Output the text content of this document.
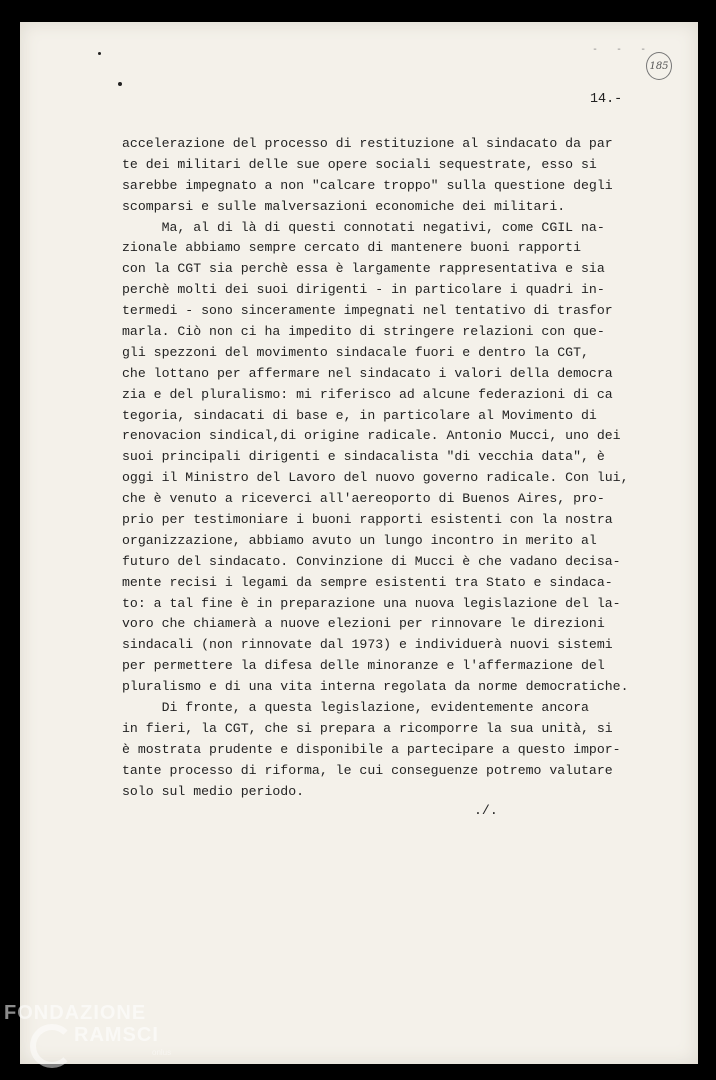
- - -
185
14.-
accelerazione del processo di restituzione al sindacato da par
te dei militari delle sue opere sociali sequestrate, esso si
sarebbe impegnato a non "calcare troppo" sulla questione degli
scomparsi e sulle malversazioni economiche dei militari.
Ma, al di là di questi connotati negativi, come CGIL na-
zionale abbiamo sempre cercato di mantenere buoni rapporti
con la CGT sia perchè essa è largamente rappresentativa e sia
perchè molti dei suoi dirigenti - in particolare i quadri in-
termedi - sono sinceramente impegnati nel tentativo di trasfor
marla. Ciò non ci ha impedito di stringere relazioni con que-
gli spezzoni del movimento sindacale fuori e dentro la CGT,
che lottano per affermare nel sindacato i valori della democra
zia e del pluralismo: mi riferisco ad alcune federazioni di ca
tegoria, sindacati di base e, in particolare al Movimento di
renovacion sindical,di origine radicale. Antonio Mucci, uno dei
suoi principali dirigenti e sindacalista "di vecchia data", è
oggi il Ministro del Lavoro del nuovo governo radicale. Con lui,
che è venuto a riceverci all'aereoporto di Buenos Aires, pro-
prio per testimoniare i buoni rapporti esistenti con la nostra
organizzazione, abbiamo avuto un lungo incontro in merito al
futuro del sindacato. Convinzione di Mucci è che vadano decisa-
mente recisi i legami da sempre esistenti tra Stato e sindaca-
to: a tal fine è in preparazione una nuova legislazione del la-
voro che chiamerà a nuove elezioni per rinnovare le direzioni
sindacali (non rinnovate dal 1973) e individuerà nuovi sistemi
per permettere la difesa delle minoranze e l'affermazione del
pluralismo e di una vita interna regolata da norme democratiche.
Di fronte, a questa legislazione, evidentemente ancora
in fieri, la CGT, che si prepara a ricomporre la sua unità, si
è mostrata prudente e disponibile a partecipare a questo impor-
tante processo di riforma, le cui conseguenze potremo valutare
solo sul medio periodo.
./.
FONDAZIONE
RAMSCI
onlus
